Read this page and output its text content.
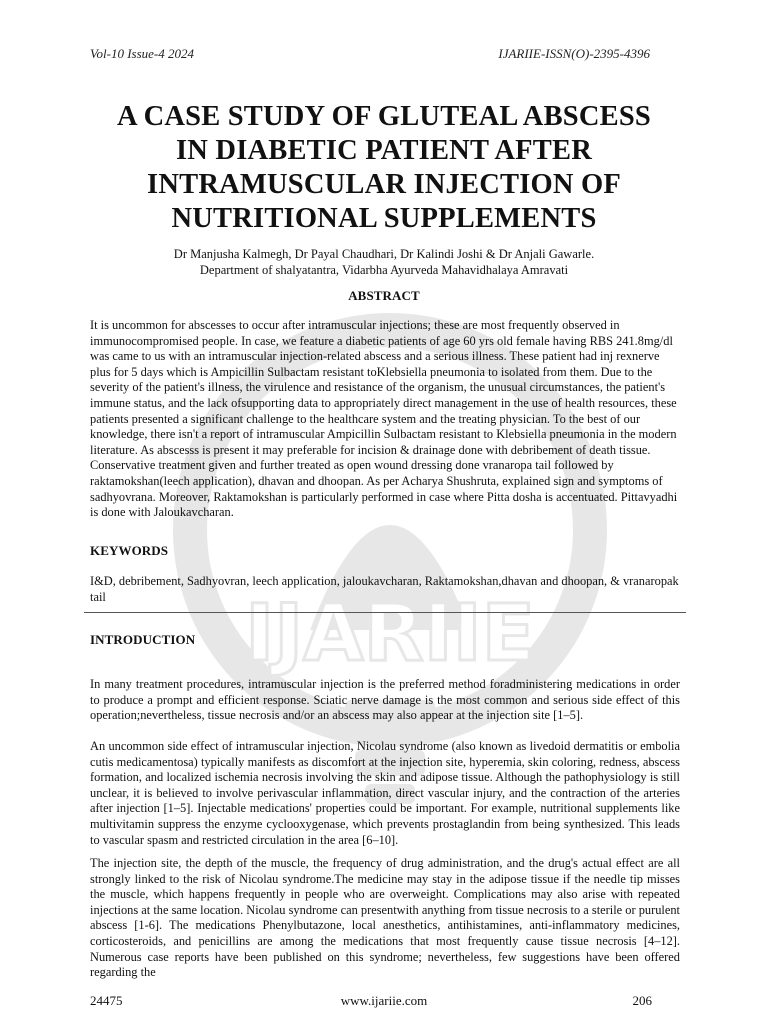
IJARIIE
Vol-10 Issue-4 2024	IJARIIE-ISSN(O)-2395-4396
A CASE STUDY OF GLUTEAL ABSCESS
IN DIABETIC PATIENT AFTER
INTRAMUSCULAR INJECTION OF
NUTRITIONAL SUPPLEMENTS
Dr Manjusha Kalmegh, Dr Payal Chaudhari, Dr Kalindi Joshi & Dr Anjali Gawarle.
Department of shalyatantra, Vidarbha Ayurveda Mahavidhalaya Amravati
ABSTRACT
It is uncommon for abscesses to occur after intramuscular injections; these are most frequently observed in immunocompromised people. In case, we feature a diabetic patients of age 60 yrs old female having RBS 241.8mg/dl was came to us with an intramuscular injection-related abscess and a serious illness. These patient had inj rexnerve plus for 5 days which is Ampicillin Sulbactam resistant toKlebsiella pneumonia to isolated from them. Due to the severity of the patient's illness, the virulence and resistance of the organism, the unusual circumstances, the patient's immune status, and the lack ofsupporting data to appropriately direct management in the use of health resources, these patients presented a significant challenge to the healthcare system and the treating physician. To the best of our knowledge, there isn't a report of intramuscular Ampicillin Sulbactam resistant to Klebsiella pneumonia in the modern literature. As abscesss is present it may preferable for incision & drainage done with debribement of death tissue. Conservative treatment given and further treated as open wound dressing done vranaropa tail followed by raktamokshan(leech application), dhavan and dhoopan. As per Acharya Shushruta, explained sign and symptoms of sadhyovrana. Moreover, Raktamokshan is particularly performed in case where Pitta dosha is accentuated. Pittavyadhi is done with Jaloukavcharan.
KEYWORDS
I&D, debribement, Sadhyovran, leech application, jaloukavcharan, Raktamokshan,dhavan and dhoopan, & vranaropak tail
INTRODUCTION
In many treatment procedures, intramuscular injection is the preferred method foradministering medications in order to produce a prompt and efficient response. Sciatic nerve damage is the most common and serious side effect of this operation;nevertheless, tissue necrosis and/or an abscess may also appear at the injection site [1–5].
An uncommon side effect of intramuscular injection, Nicolau syndrome (also known as livedoid dermatitis or embolia cutis medicamentosa) typically manifests as discomfort at the injection site, hyperemia, skin coloring, redness, abscess formation, and localized ischemia necrosis involving the skin and adipose tissue. Although the pathophysiology is still unclear, it is believed to involve perivascular inflammation, direct vascular injury, and the contraction of the arteries after injection [1–5]. Injectable medications' properties could be important. For example, nutritional supplements like multivitamin suppress the enzyme cyclooxygenase, which prevents prostaglandin from being synthesized. This leads to vascular spasm and restricted circulation in the area [6–10].
The injection site, the depth of the muscle, the frequency of drug administration, and the drug's actual effect are all strongly linked to the risk of Nicolau syndrome.The medicine may stay in the adipose tissue if the needle tip misses the muscle, which happens frequently in people who are overweight. Complications may also arise with repeated injections at the same location. Nicolau syndrome can presentwith anything from tissue necrosis to a sterile or purulent abscess [1-6]. The medications Phenylbutazone, local anesthetics, antihistamines, anti-inflammatory medicines, corticosteroids, and penicillins are among the medications that most frequently cause tissue necrosis [4–12]. Numerous case reports have been published on this syndrome; nevertheless, few suggestions have been offered regarding the
24475	www.ijariie.com	206
